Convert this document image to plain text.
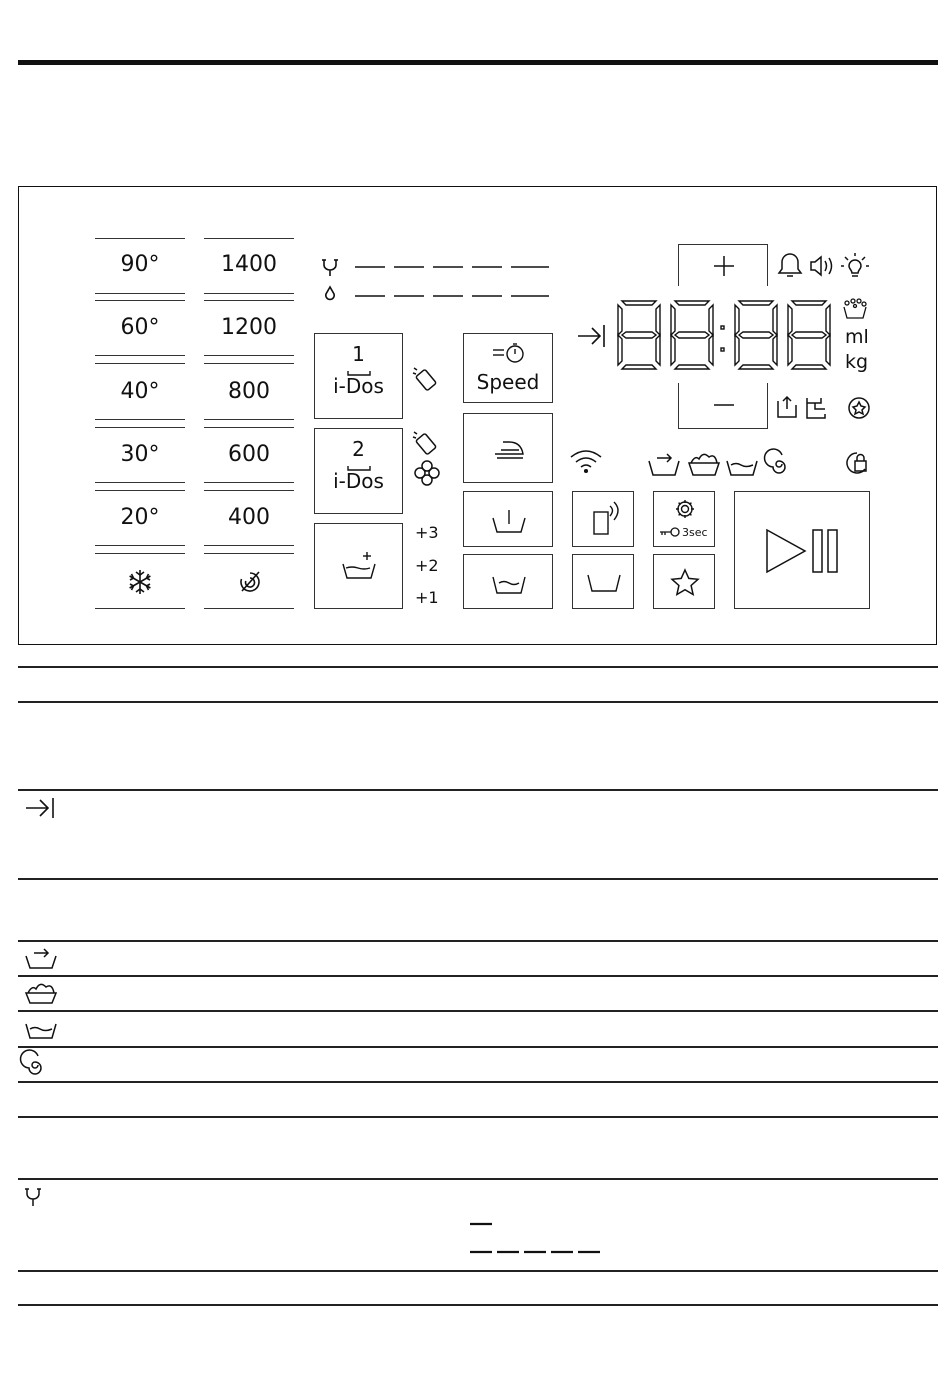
90°
60°
40°
30°
20°
1400
1200
800
600
400
1
i-Dos
2
i-Dos
+3
+2
+1
Speed
3sec
ml
kg
